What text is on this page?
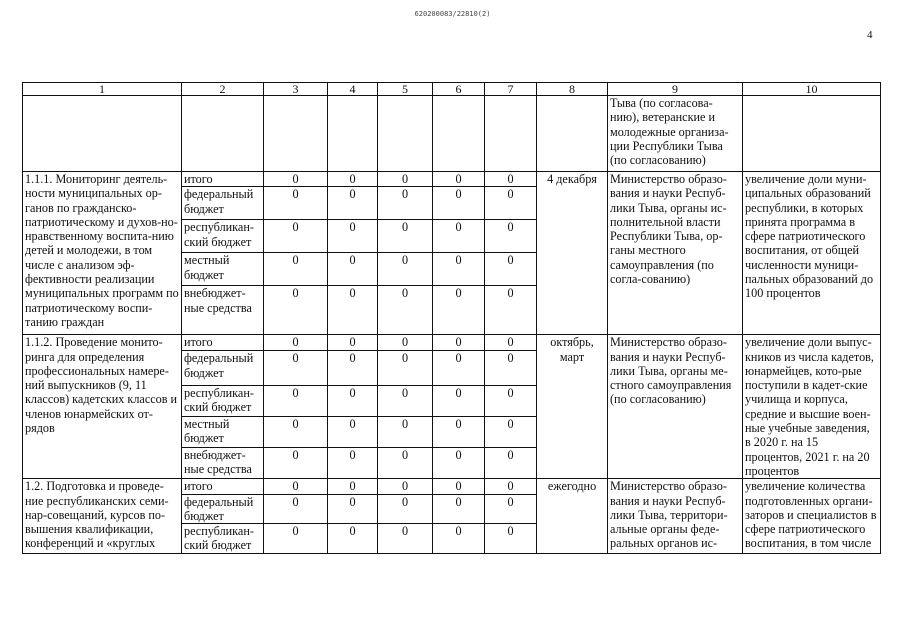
620200083/22810(2)
4
1	2	3	4	5	6	7	8	9	10
								Тыва (по согласова-нию), ветеранские и молодежные организа-ции Республики Тыва (по согласованию)	
1.1.1. Мониторинг деятель-ности муниципальных ор-ганов по гражданско-патриотическому и духов-но-нравственному воспита-нию детей и молодежи, в том числе с анализом эф-фективности реализации муниципальных программ по патриотическому воспи-танию граждан	итого	0	0	0	0	0	4 декабря	Министерство образо-вания и науки Респуб-лики Тыва, органы ис-полнительной власти Республики Тыва, ор-ганы местного самоуправления (по согла-сованию)	увеличение доли муни-ципальных образований республики, в которых принята программа в сфере патриотического воспитания, от общей численности муници-пальных образований до 100 процентов
	федеральный бюджет	0	0	0	0	0			
	республикан-ский бюджет	0	0	0	0	0			
	местный бюджет	0	0	0	0	0			
	внебюджет-ные средства	0	0	0	0	0			
1.1.2. Проведение монито-ринга для определения профессиональных намере-ний выпускников (9, 11 классов) кадетских классов и членов юнармейских от-рядов	итого	0	0	0	0	0	октябрь, март	Министерство образо-вания и науки Респуб-лики Тыва, органы ме-стного самоуправления (по согласованию)	увеличение доли выпус-кников из числа кадетов, юнармейцев, кото-рые поступили в кадет-ские училища и корпуса, средние и высшие воен-ные учебные заведения, в 2020 г. на 15 процентов, 2021 г. на 20 процентов
	федеральный бюджет	0	0	0	0	0			
	республикан-ский бюджет	0	0	0	0	0			
	местный бюджет	0	0	0	0	0			
	внебюджет-ные средства	0	0	0	0	0			
1.2. Подготовка и проведе-ние республиканских семи-нар-совещаний, курсов по-вышения квалификации, конференций и «круглых	итого	0	0	0	0	0	ежегодно	Министерство образо-вания и науки Респуб-лики Тыва, территори-альные органы феде-ральных органов ис-	увеличение количества подготовленных органи-заторов и специалистов в сфере патриотического воспитания, в том числе
	федеральный бюджет	0	0	0	0	0			
	республикан-ский бюджет	0	0	0	0	0			
